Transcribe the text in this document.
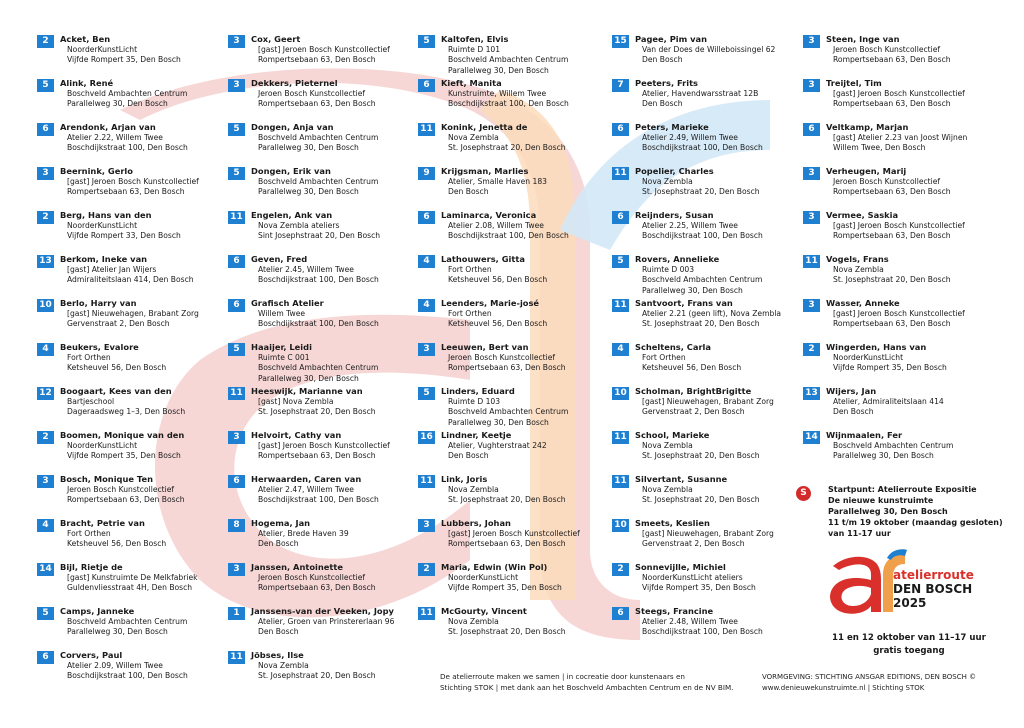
2	Acket, Ben
NoorderKunstLicht
Vijfde Rompert 35, Den Bosch
5	Alink, René
Boschveld Ambachten Centrum
Parallelweg 30, Den Bosch
6	Arendonk, Arjan van
Atelier 2.22, Willem Twee
Boschdijkstraat 100, Den Bosch
3	Beernink, Gerlo
[gast] Jeroen Bosch Kunstcollectief
Rompertsebaan 63, Den Bosch
2	Berg, Hans van den
NoorderKunstLicht
Vijfde Rompert 33, Den Bosch
13 Berkom, Ineke van
[gast] Atelier Jan Wijers
Admiraliteitslaan 414, Den Bosch
10 Berlo, Harry van
[gast] Nieuwehagen, Brabant Zorg
Gervenstraat 2, Den Bosch
4	Beukers, Evalore
Fort Orthen
Ketsheuvel 56, Den Bosch
12 Boogaart, Kees van den
Bartjeschool
Dageraadsweg 1–3, Den Bosch
2	Boomen, Monique van den
NoorderKunstLicht
Vijfde Rompert 35, Den Bosch
3	Bosch, Monique Ten
Jeroen Bosch Kunstcollectief
Rompertsebaan 63, Den Bosch
4	Bracht, Petrie van
Fort Orthen
Ketsheuvel 56, Den Bosch
14 Bijl, Rietje de
[gast] Kunstruimte De Melkfabriek
Guldenvliesstraat 4H, Den Bosch
5	Camps, Janneke
Boschveld Ambachten Centrum
Parallelweg 30, Den Bosch
6	Corvers, Paul
Atelier 2.09, Willem Twee
Boschdijkstraat 100, Den Bosch
3	Cox, Geert
[gast] Jeroen Bosch Kunstcollectief
Rompertsebaan 63, Den Bosch
3	Dekkers, Pieternel
Jeroen Bosch Kunstcollectief
Rompertsebaan 63, Den Bosch
5	Dongen, Anja van
Boschveld Ambachten Centrum
Parallelweg 30, Den Bosch
5	Dongen, Erik van
Boschveld Ambachten Centrum
Parallelweg 30, Den Bosch
11 Engelen, Ank van
Nova Zembla ateliers
Sint Josephstraat 20, Den Bosch
6	Geven, Fred
Atelier 2.45, Willem Twee
Boschdijkstraat 100, Den Bosch
6	Grafisch Atelier
Willem Twee
Boschdijkstraat 100, Den Bosch
5	Haaijer, Leidi
Ruimte C 001
Boschveld Ambachten Centrum
Parallelweg 30, Den Bosch
11 Heeswijk, Marianne van
[gast] Nova Zembla
St. Josephstraat 20, Den Bosch
3	Helvoirt, Cathy van
[gast] Jeroen Bosch Kunstcollectief
Rompertsebaan 63, Den Bosch
6	Herwaarden, Caren van
Atelier 2.47, Willem Twee
Boschdijkstraat 100, Den Bosch
8	Hogema, Jan
Atelier, Brede Haven 39
Den Bosch
3	Janssen, Antoinette
Jeroen Bosch Kunstcollectief
Rompertsebaan 63, Den Bosch
1	Janssens-van der Veeken, Jopy
Atelier, Groen van Prinstererlaan 96
Den Bosch
11 Jöbses, Ilse
Nova Zembla
St. Josephstraat 20, Den Bosch
5	Kaltofen, Elvis
Ruimte D 101
Boschveld Ambachten Centrum
Parallelweg 30, Den Bosch
6	Kieft, Manita
Kunstruimte, Willem Twee
Boschdijkstraat 100, Den Bosch
11 Konink, Jenetta de
Nova Zembla
St. Josephstraat 20, Den Bosch
9	Krijgsman, Marlies
Atelier, Smalle Haven 183
Den Bosch
6	Laminarca, Veronica
Atelier 2.08, Willem Twee
Boschdijkstraat 100, Den Bosch
4	Lathouwers, Gitta
Fort Orthen
Ketsheuvel 56, Den Bosch
4	Leenders, Marie-josé
Fort Orthen
Ketsheuvel 56, Den Bosch
3	Leeuwen, Bert van
Jeroen Bosch Kunstcollectief
Rompertsebaan 63, Den Bosch
5	Linders, Eduard
Ruimte D 103
Boschveld Ambachten Centrum
Parallelweg 30, Den Bosch
16 Lindner, Keetje
Atelier, Vughterstraat 242
Den Bosch
11 Link, Joris
Nova Zembla
St. Josephstraat 20, Den Bosch
3	Lubbers, Johan
[gast] Jeroen Bosch Kunstcollectief
Rompertsebaan 63, Den Bosch
2	Maria, Edwin (Win Pol)
NoorderKunstLicht
Vijfde Rompert 35, Den Bosch
11 McGourty, Vincent
Nova Zembla
St. Josephstraat 20, Den Bosch
15 Pagee, Pim van
Van der Does de Willeboissingel 62
Den Bosch
7	Peeters, Frits
Atelier, Havendwarsstraat 12B
Den Bosch
6	Peters, Marieke
Atelier 2.49, Willem Twee
Boschdijkstraat 100, Den Bosch
11 Popelier, Charles
Nova Zembla
St. Josephstraat 20, Den Bosch
6	Reijnders, Susan
Atelier 2.25, Willem Twee
Boschdijkstraat 100, Den Bosch
5	Rovers, Annelieke
Ruimte D 003
Boschveld Ambachten Centrum
Parallelweg 30, Den Bosch
11 Santvoort, Frans van
Atelier 2.21 (geen lift), Nova Zembla
St. Josephstraat 20, Den Bosch
4	Scheltens, Carla
Fort Orthen
Ketsheuvel 56, Den Bosch
10 Scholman, BrightBrigitte
[gast] Nieuwehagen, Brabant Zorg
Gervenstraat 2, Den Bosch
11 School, Marieke
Nova Zembla
St. Josephstraat 20, Den Bosch
11 Silvertant, Susanne
Nova Zembla
St. Josephstraat 20, Den Bosch
10 Smeets, Keslien
[gast] Nieuwehagen, Brabant Zorg
Gervenstraat 2, Den Bosch
2	Sonnevijlle, Michiel
NoorderKunstLicht ateliers
Vijfde Rompert 35, Den Bosch
6	Steegs, Francine
Atelier 2.48, Willem Twee
Boschdijkstraat 100, Den Bosch
3	Steen, Inge van
Jeroen Bosch Kunstcollectief
Rompertsebaan 63, Den Bosch
3	Treijtel, Tim
[gast] Jeroen Bosch Kunstcollectief
Rompertsebaan 63, Den Bosch
6	Veltkamp, Marjan
[gast] Atelier 2.23 van Joost Wijnen
Willem Twee, Den Bosch
3	Verheugen, Marij
Jeroen Bosch Kunstcollectief
Rompertsebaan 63, Den Bosch
3	Vermee, Saskia
[gast] Jeroen Bosch Kunstcollectief
Rompertsebaan 63, Den Bosch
11 Vogels, Frans
Nova Zembla
St. Josephstraat 20, Den Bosch
3	Wasser, Anneke
[gast] Jeroen Bosch Kunstcollectief
Rompertsebaan 63, Den Bosch
2	Wingerden, Hans van
NoorderKunstLicht
Vijfde Rompert 35, Den Bosch
13 Wijers, Jan
Atelier, Admiraliteitslaan 414
Den Bosch
14 Wijnmaalen, Fer
Boschveld Ambachten Centrum
Parallelweg 30, Den Bosch
S	Startpunt: Atelierroute Expositie
De nieuwe kunstruimte
Parallelweg 30, Den Bosch
11 t/m 19 oktober (maandag gesloten)
van 11-17 uur
atelierroute
DEN BOSCH
2025
11 en 12 oktober van 11–17 uur
gratis toegang
De atelierroute maken we samen | in cocreatie door kunstenaars en
Stichting STOK | met dank aan het Boschveld Ambachten Centrum en de NV BIM.
VORMGEVING: STICHTING ANSGAR EDITIONS, DEN BOSCH ©
www.denieuwekunstruimte.nl | Stichting STOK
